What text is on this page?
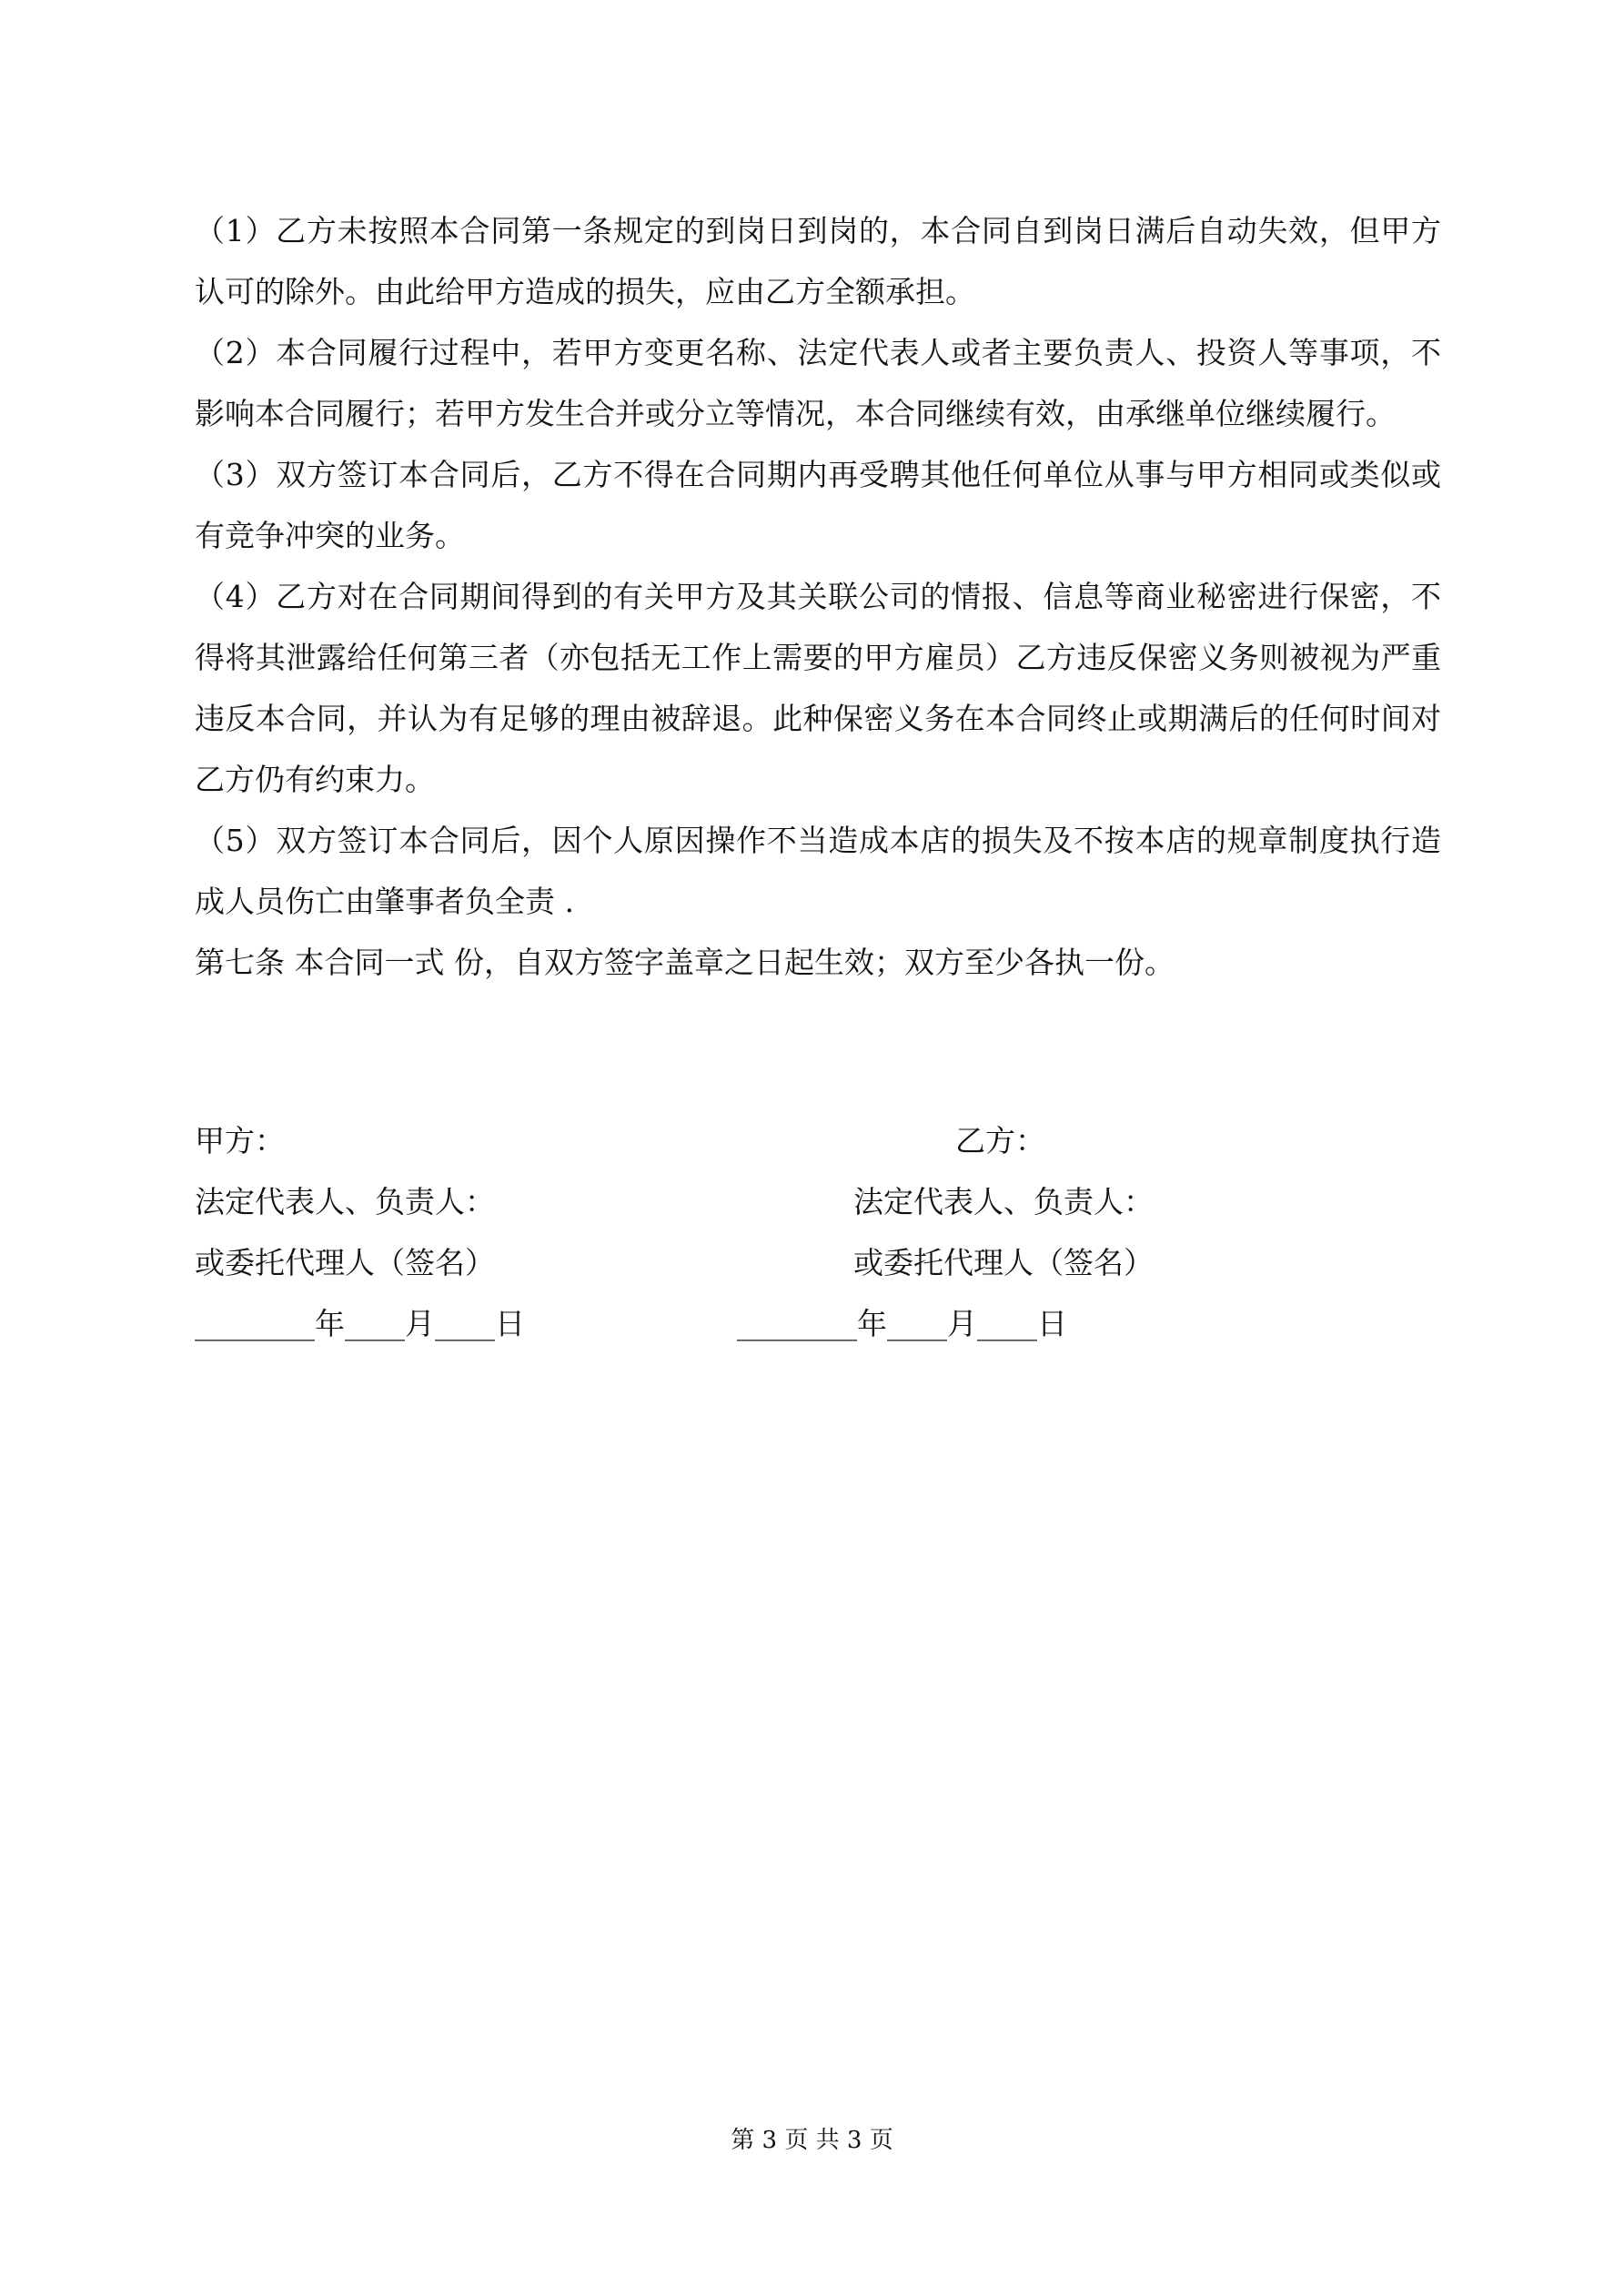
（1）乙方未按照本合同第一条规定的到岗日到岗的，本合同自到岗日满后自动失效，但甲方认可的除外。由此给甲方造成的损失，应由乙方全额承担。

（2）本合同履行过程中，若甲方变更名称、法定代表人或者主要负责人、投资人等事项，不影响本合同履行；若甲方发生合并或分立等情况，本合同继续有效，由承继单位继续履行。

（3）双方签订本合同后，乙方不得在合同期内再受聘其他任何单位从事与甲方相同或类似或有竞争冲突的业务。

（4）乙方对在合同期间得到的有关甲方及其关联公司的情报、信息等商业秘密进行保密，不得将其泄露给任何第三者（亦包括无工作上需要的甲方雇员）乙方违反保密义务则被视为严重违反本合同，并认为有足够的理由被辞退。此种保密义务在本合同终止或期满后的任何时间对乙方仍有约束力。

（5）双方签订本合同后，因个人原因操作不当造成本店的损失及不按本店的规章制度执行造成人员伤亡由肇事者负全责 .

第七条 本合同一式 份，自双方签字盖章之日起生效；双方至少各执一份。

甲方：
法定代表人、负责人：
或委托代理人（签名）
________年____月____日
乙方：
法定代表人、负责人：
或委托代理人（签名）
________年____月____日
第 3 页 共 3 页
